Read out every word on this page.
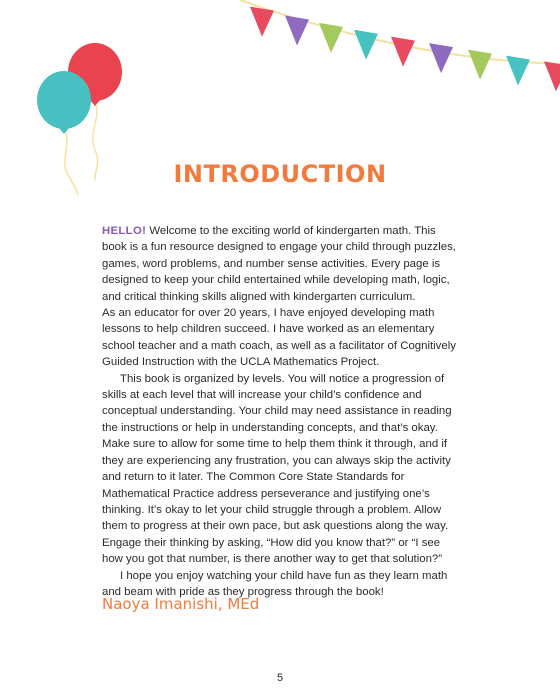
INTRODUCTION

HELLO! Welcome to the exciting world of kindergarten math. This book is a fun resource designed to engage your child through puzzles, games, word problems, and number sense activities. Every page is designed to keep your child entertained while developing math, logic, and critical thinking skills aligned with kindergarten curriculum.

As an educator for over 20 years, I have enjoyed developing math lessons to help children succeed. I have worked as an elementary school teacher and a math coach, as well as a facilitator of Cognitively Guided Instruction with the UCLA Mathematics Project.

This book is organized by levels. You will notice a progression of skills at each level that will increase your child’s confidence and conceptual understanding. Your child may need assistance in reading the instructions or help in understanding concepts, and that’s okay. Make sure to allow for some time to help them think it through, and if they are experiencing any frustration, you can always skip the activity and return to it later. The Common Core State Standards for Mathematical Practice address perseverance and justifying one’s thinking. It’s okay to let your child struggle through a problem. Allow them to progress at their own pace, but ask questions along the way. Engage their thinking by asking, “How did you know that?” or “I see how you got that number, is there another way to get that solution?”

I hope you enjoy watching your child have fun as they learn math and beam with pride as they progress through the book!

Naoya Imanishi, MEd
5
